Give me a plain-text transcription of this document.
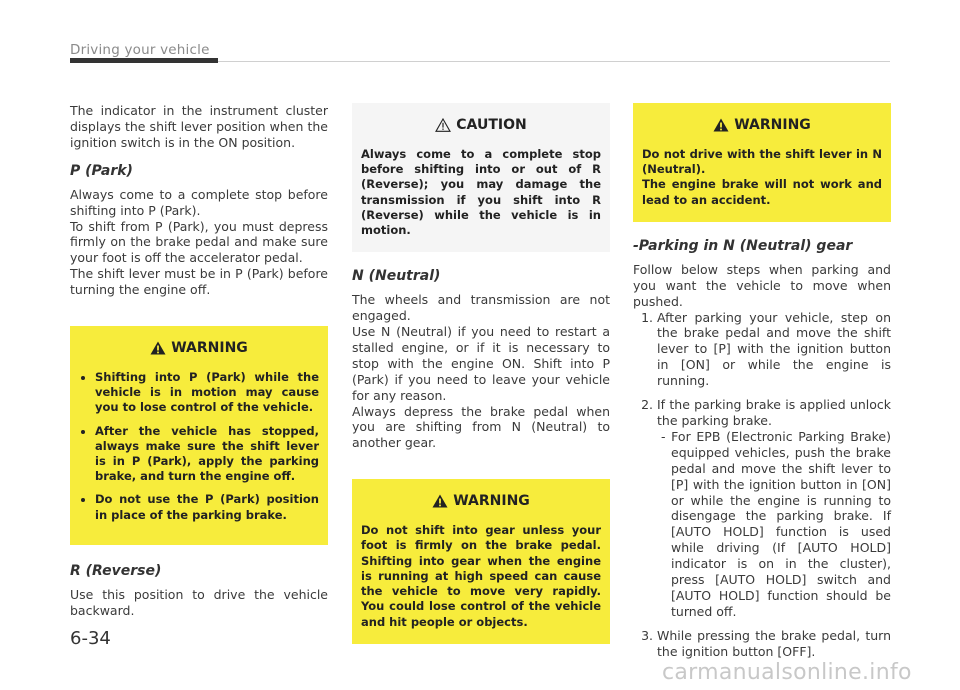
Driving your vehicle

The indicator in the instrument cluster displays the shift lever position when the ignition switch is in the ON position.

P (Park)

Always come to a complete stop before shifting into P (Park).

To shift from P (Park), you must depress firmly on the brake pedal and make sure your foot is off the accelerator pedal.

The shift lever must be in P (Park) before turning the engine off.

WARNING
• Shifting into P (Park) while the vehicle is in motion may cause you to lose control of the vehicle.
• After the vehicle has stopped, always make sure the shift lever is in P (Park), apply the parking brake, and turn the engine off.
• Do not use the P (Park) position in place of the parking brake.
R (Reverse)

Use this position to drive the vehicle backward.

CAUTION

Always come to a complete stop before shifting into or out of R (Reverse); you may damage the transmission if you shift into R (Reverse) while the vehicle is in motion.

N (Neutral)

The wheels and transmission are not engaged.

Use N (Neutral) if you need to restart a stalled engine, or if it is necessary to stop with the engine ON. Shift into P (Park) if you need to leave your vehicle for any reason.

Always depress the brake pedal when you are shifting from N (Neutral) to another gear.

WARNING

Do not shift into gear unless your foot is firmly on the brake pedal. Shifting into gear when the engine is running at high speed can cause the vehicle to move very rapidly. You could lose control of the vehicle and hit people or objects.

WARNING

Do not drive with the shift lever in N (Neutral).

The engine brake will not work and lead to an accident.

-Parking in N (Neutral) gear

Follow below steps when parking and you want the vehicle to move when pushed.

1. After parking your vehicle, step on the brake pedal and move the shift lever to [P] with the ignition button in [ON] or while the engine is running.
2. If the parking brake is applied unlock the parking brake.
- For EPB (Electronic Parking Brake) equipped vehicles, push the brake pedal and move the shift lever to [P] with the ignition button in [ON] or while the engine is running to disengage the parking brake. If [AUTO HOLD] function is used while driving (If [AUTO HOLD] indicator is on in the cluster), press [AUTO HOLD] switch and [AUTO HOLD] function should be turned off.
3. While pressing the brake pedal, turn the ignition button [OFF].
6-34
carmanualsonline.info
